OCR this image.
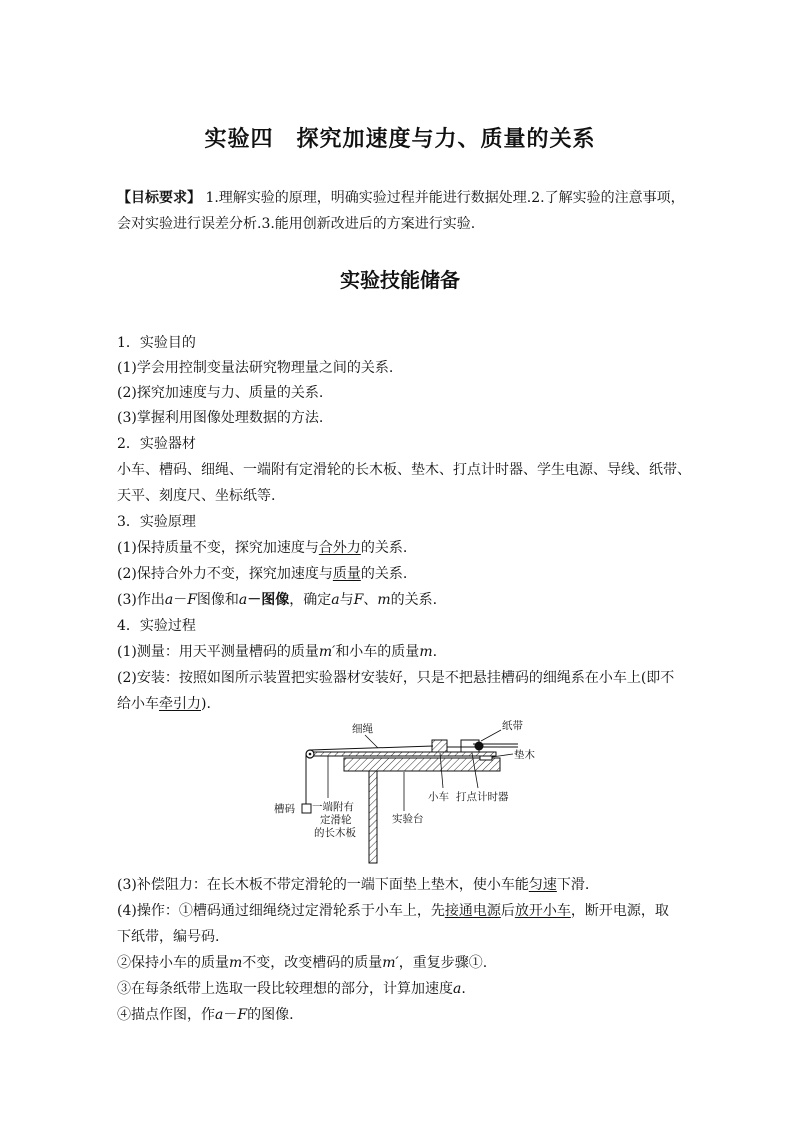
实验四　探究加速度与力、质量的关系
【目标要求】 1.理解实验的原理，明确实验过程并能进行数据处理.2.了解实验的注意事项，
会对实验进行误差分析.3.能用创新改进后的方案进行实验.
实验技能储备
1．实验目的
(1)学会用控制变量法研究物理量之间的关系.
(2)探究加速度与力、质量的关系.
(3)掌握利用图像处理数据的方法.
2．实验器材
小车、槽码、细绳、一端附有定滑轮的长木板、垫木、打点计时器、学生电源、导线、纸带、
天平、刻度尺、坐标纸等.
3．实验原理
(1)保持质量不变，探究加速度与合外力的关系.
(2)保持合外力不变，探究加速度与质量的关系.
(3)作出a－F图像和a－图像，确定a与F、m的关系.
4．实验过程
(1)测量：用天平测量槽码的质量m′和小车的质量m.
(2)安装：按照如图所示装置把实验器材安装好，只是不把悬挂槽码的细绳系在小车上(即不
给小车牵引力).
细绳	纸带
垫木
小车 打点计时器
槽码 一端附有
定滑轮
的长木板
实验台
(3)补偿阻力：在长木板不带定滑轮的一端下面垫上垫木，使小车能匀速下滑.
(4)操作：①槽码通过细绳绕过定滑轮系于小车上，先接通电源后放开小车，断开电源，取
下纸带，编号码.
②保持小车的质量m不变，改变槽码的质量m′，重复步骤①.
③在每条纸带上选取一段比较理想的部分，计算加速度a.
④描点作图，作a－F的图像.
